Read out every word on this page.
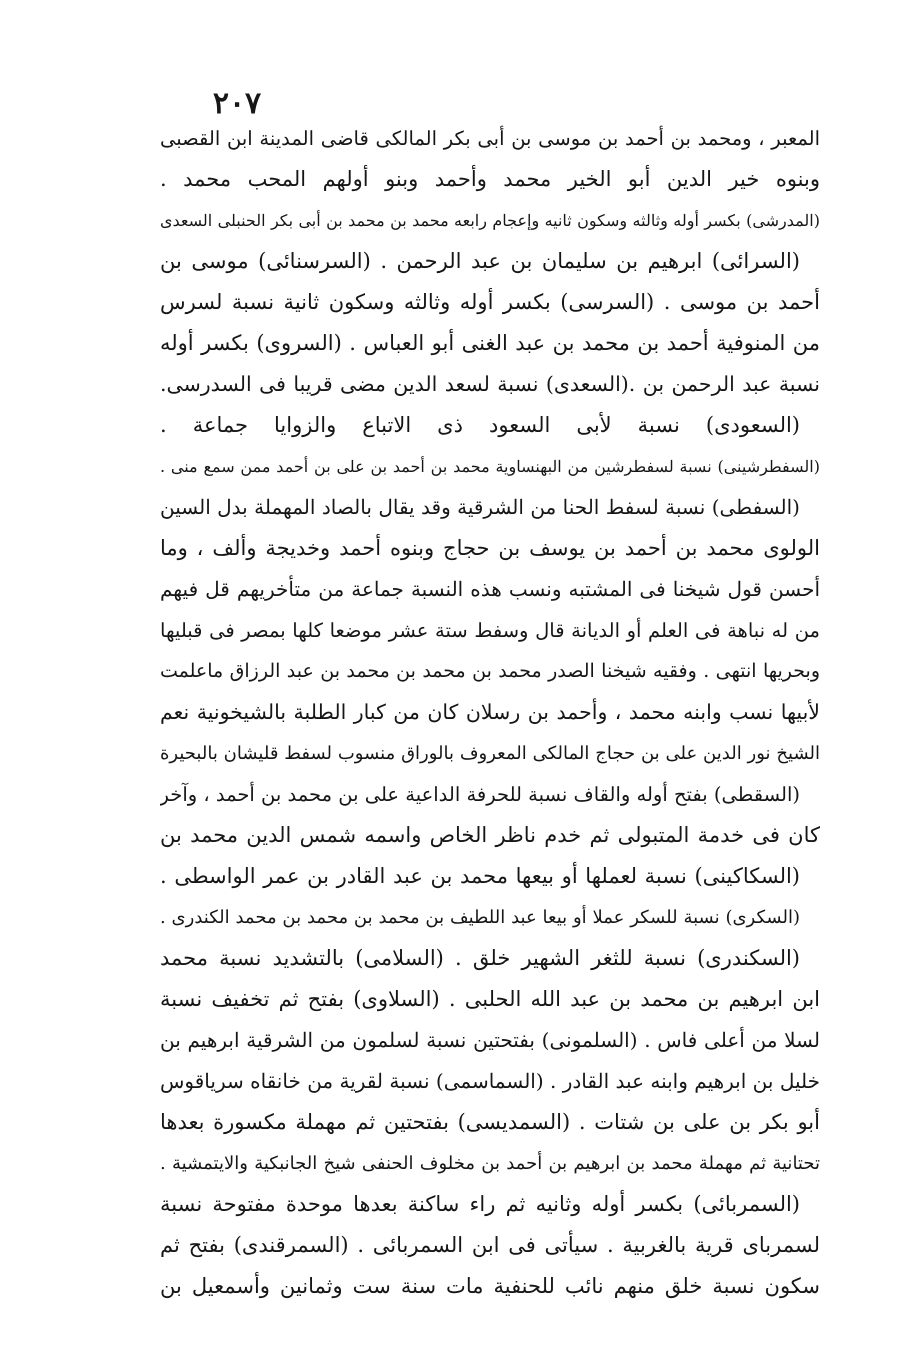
٢٠٧
المعبر ، ومحمد بن أحمد بن موسى بن أبى بكر المالكى قاضى المدينة ابن القصبى
وبنوه خير الدين أبو الخير محمد وأحمد وبنو أولهم المحب محمد .
(المدرشى) بكسر أوله وثالثه وسكون ثانيه وإعجام رابعه محمد بن محمد بن أبى بكر الحنبلى السعدى
(السرائى) ابرهيم بن سليمان بن عبد الرحمن . (السرسنائى) موسى بن
أحمد بن موسى . (السرسى) بكسر أوله وثالثه وسكون ثانية نسبة لسرس
من المنوفية أحمد بن محمد بن عبد الغنى أبو العباس . (السروى) بكسر أوله
نسبة عبد الرحمن بن .(السعدى) نسبة لسعد الدين مضى قريبا فى السدرسى.
(السعودى) نسبة لأبى السعود ذى الاتباع والزوايا جماعة .
(السفطرشينى) نسبة لسفطرشين من البهنساوية محمد بن أحمد بن على بن أحمد ممن سمع منى .
(السفطى) نسبة لسفط الحنا من الشرقية وقد يقال بالصاد المهملة بدل السين
الولوى محمد بن أحمد بن يوسف بن حجاج وبنوه أحمد وخديجة وألف ، وما
أحسن قول شيخنا فى المشتبه ونسب هذه النسبة جماعة من متأخريهم قل فيهم
من له نباهة فى العلم أو الديانة قال وسفط ستة عشر موضعا كلها بمصر فى قبليها
وبحريها انتهى . وفقيه شيخنا الصدر محمد بن محمد بن محمد بن عبد الرزاق ماعلمت
لأبيها نسب وابنه محمد ، وأحمد بن رسلان كان من كبار الطلبة بالشيخونية نعم
الشيخ نور الدين على بن حجاج المالكى المعروف بالوراق منسوب لسفط قليشان بالبحيرة
(السقطى) بفتح أوله والقاف نسبة للحرفة الداعية على بن محمد بن أحمد ، وآخر
كان فى خدمة المتبولى ثم خدم ناظر الخاص واسمه شمس الدين محمد بن
(السكاكينى) نسبة لعملها أو بيعها محمد بن عبد القادر بن عمر الواسطى .
(السكرى) نسبة للسكر عملا أو بيعا عبد اللطيف بن محمد بن محمد بن محمد الكندرى .
(السكندرى) نسبة للثغر الشهير خلق . (السلامى) بالتشديد نسبة محمد
ابن ابرهيم بن محمد بن عبد الله الحلبى . (السلاوى) بفتح ثم تخفيف نسبة
لسلا من أعلى فاس . (السلمونى) بفتحتين نسبة لسلمون من الشرقية ابرهيم بن
خليل بن ابرهيم وابنه عبد القادر . (السماسمى) نسبة لقرية من خانقاه سرياقوس
أبو بكر بن على بن شتات . (السمديسى) بفتحتين ثم مهملة مكسورة بعدها
تحتانية ثم مهملة محمد بن ابرهيم بن أحمد بن مخلوف الحنفى شيخ الجانبكية والايتمشية .
(السمربائى) بكسر أوله وثانيه ثم راء ساكنة بعدها موحدة مفتوحة نسبة
لسمرباى قرية بالغربية . سيأتى فى ابن السمربائى . (السمرقندى) بفتح ثم
سكون نسبة خلق منهم نائب للحنفية مات سنة ست وثمانين وأسمعيل بن
